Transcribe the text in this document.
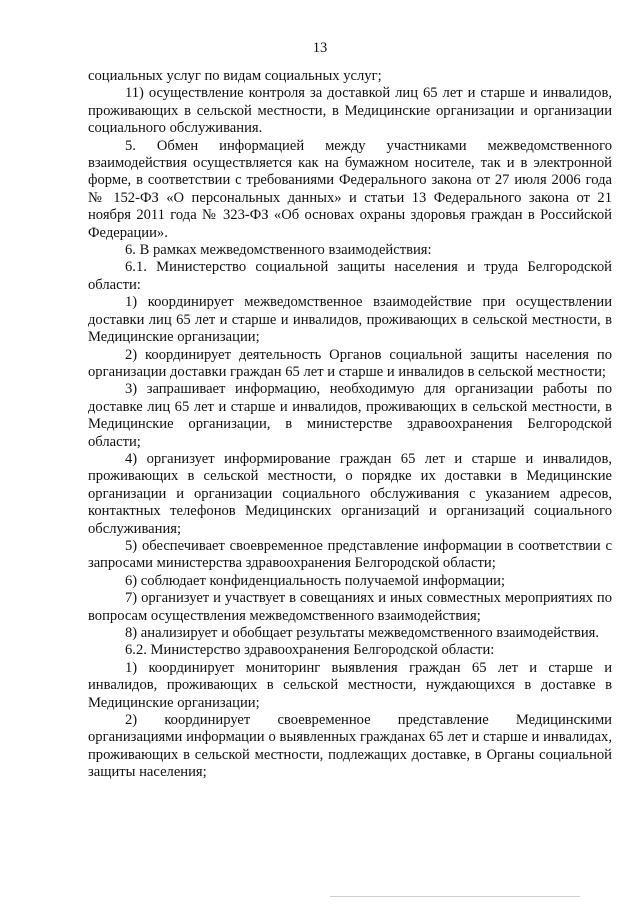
13

социальных услуг по видам социальных услуг;

11) осуществление контроля за доставкой лиц 65 лет и старше и инвалидов, проживающих в сельской местности, в Медицинские организации и организации социального обслуживания.

5. Обмен информацией между участниками межведомственного взаимодействия осуществляется как на бумажном носителе, так и в электронной форме, в соответствии с требованиями Федерального закона от 27 июля 2006 года № 152-ФЗ «О персональных данных» и статьи 13 Федерального закона от 21 ноября 2011 года № 323-ФЗ «Об основах охраны здоровья граждан в Российской Федерации».

6. В рамках межведомственного взаимодействия:

6.1. Министерство социальной защиты населения и труда Белгородской области:

1) координирует межведомственное взаимодействие при осуществлении доставки лиц 65 лет и старше и инвалидов, проживающих в сельской местности, в Медицинские организации;

2) координирует деятельность Органов социальной защиты населения по организации доставки граждан 65 лет и старше и инвалидов в сельской местности;

3) запрашивает информацию, необходимую для организации работы по доставке лиц 65 лет и старше и инвалидов, проживающих в сельской местности, в Медицинские организации, в министерстве здравоохранения Белгородской области;

4) организует информирование граждан 65 лет и старше и инвалидов, проживающих в сельской местности, о порядке их доставки в Медицинские организации и организации социального обслуживания с указанием адресов, контактных телефонов Медицинских организаций и организаций социального обслуживания;

5) обеспечивает своевременное представление информации в соответствии с запросами министерства здравоохранения Белгородской области;

6) соблюдает конфиденциальность получаемой информации;

7) организует и участвует в совещаниях и иных совместных мероприятиях по вопросам осуществления межведомственного взаимодействия;

8) анализирует и обобщает результаты межведомственного взаимодействия.

6.2. Министерство здравоохранения Белгородской области:

1) координирует мониторинг выявления граждан 65 лет и старше и инвалидов, проживающих в сельской местности, нуждающихся в доставке в Медицинские организации;

2) координирует своевременное представление Медицинскими организациями информации о выявленных гражданах 65 лет и старше и инвалидах, проживающих в сельской местности, подлежащих доставке, в Органы социальной защиты населения;
